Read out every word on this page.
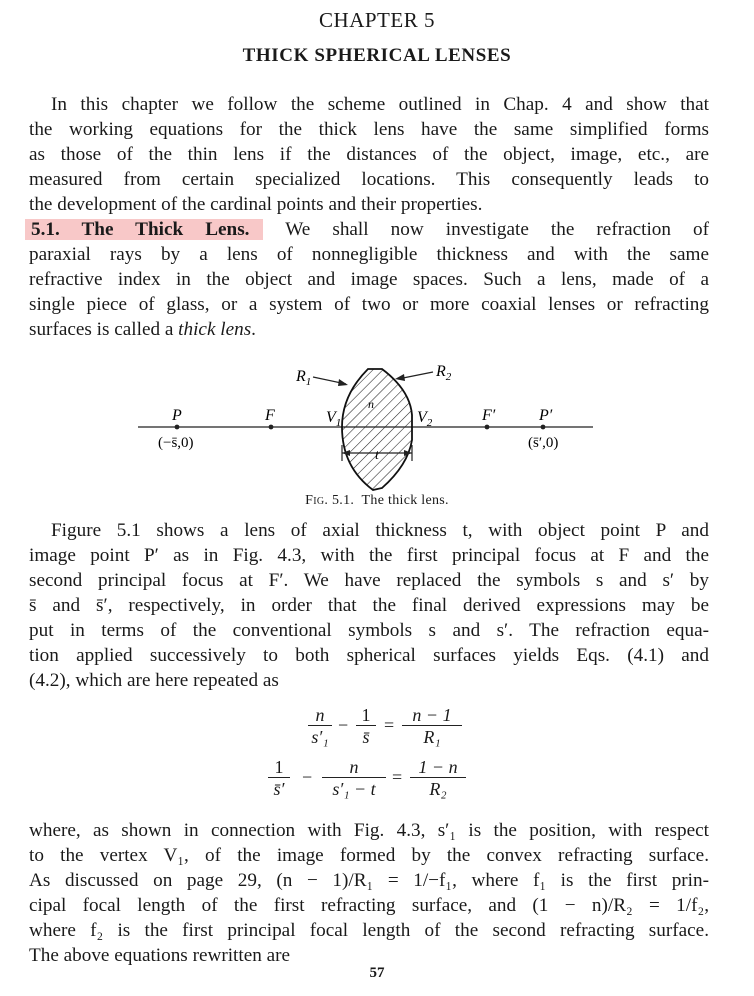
CHAPTER 5
THICK SPHERICAL LENSES
In this chapter we follow the scheme outlined in Chap. 4 and show that
the working equations for the thick lens have the same simplified forms
as those of the thin lens if the distances of the object, image, etc., are
measured from certain specialized locations. This consequently leads to
the development of the cardinal points and their properties.
5.1. The Thick Lens. We shall now investigate the refraction of
paraxial rays by a lens of nonnegligible thickness and with the same
refractive index in the object and image spaces. Such a lens, made of a
single piece of glass, or a system of two or more coaxial lenses or refracting
surfaces is called a thick lens.
$R_1$
$R_2$
P
(−s̄,0)
F	$V_1$
n
$V_2$	F′	P′
(s̄′,0)
t
Fig. 5.1. The thick lens.
Figure 5.1 shows a lens of axial thickness t, with object point P and
image point P′ as in Fig. 4.3, with the first principal focus at F and the
second principal focus at F′. We have replaced the symbols s and s′ by
s̄ and s̄′, respectively, in order that the final derived expressions may be
put in terms of the conventional symbols s and s′. The refraction equa-
tion applied successively to both spherical surfaces yields Eqs. (4.1) and
(4.2), which are here repeated as
$\frac{n}{\text{s′₁}} - \frac{1}{s̄} = \frac{n - 1}{\text{R₁}}$
$\frac{1}{s̄'} - \frac{n}{\text{s′₁ − t}} = \frac{1 - n}{\text{R₂}}$
where, as shown in connection with Fig. 4.3, s′₁ is the position, with respect
to the vertex V₁, of the image formed by the convex refracting surface.
As discussed on page 29, (n − 1)/R₁ = 1/−f₁, where f₁ is the first prin-
cipal focal length of the first refracting surface, and (1 − n)/R₂ = 1/f₂,
where f₂ is the first principal focal length of the second refracting surface.
The above equations rewritten are
57
